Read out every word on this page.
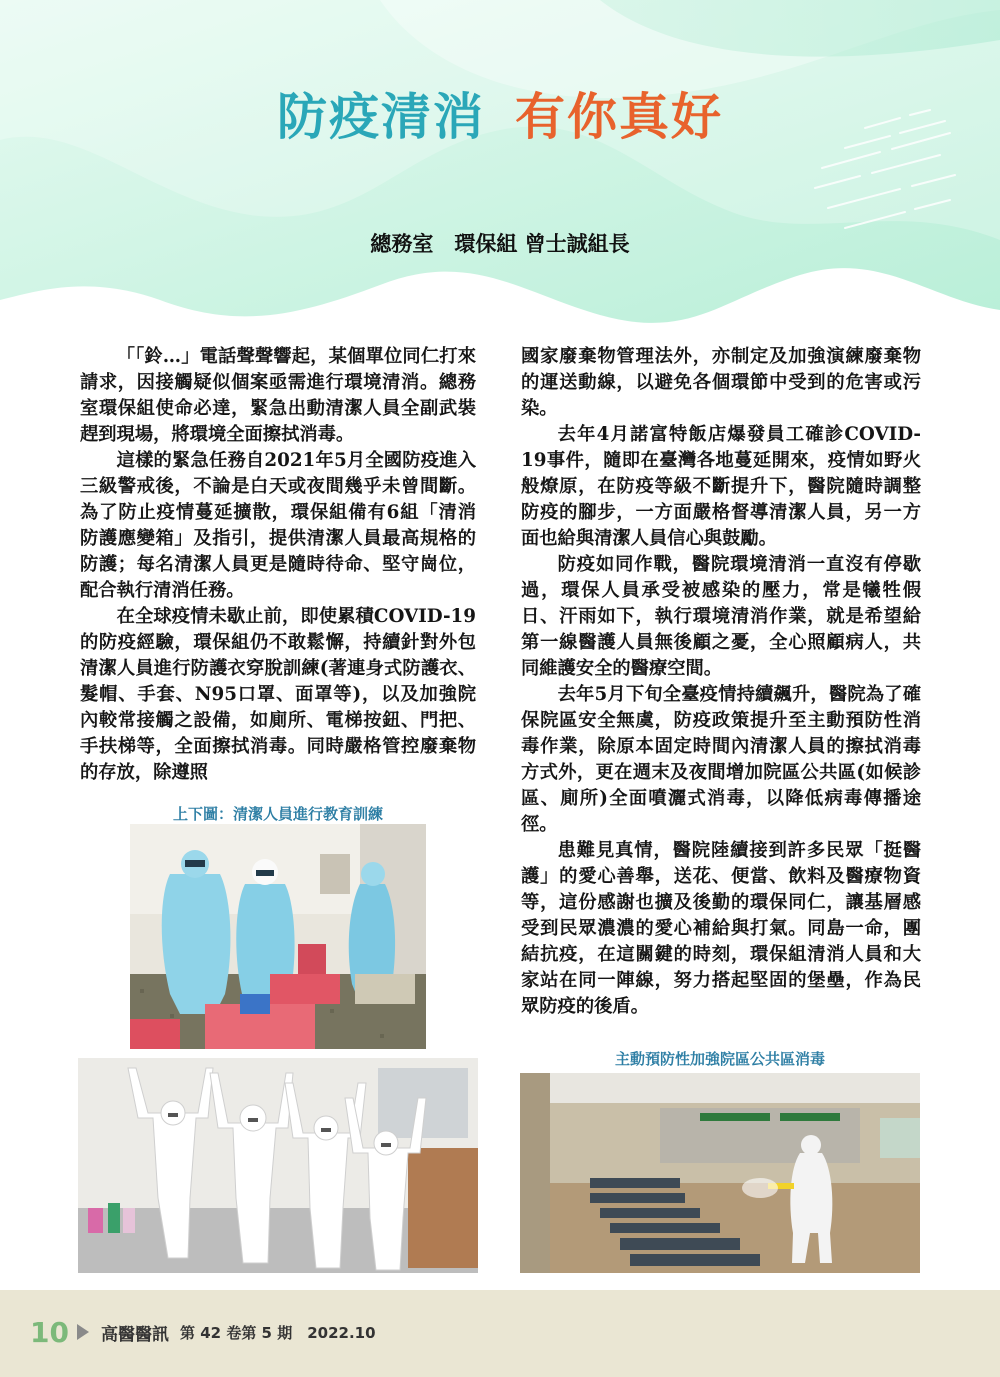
防疫清消 有你真好
總務室　環保組 曾士誠組長

「「鈴…」電話聲聲響起，某個單位同仁打來請求，因接觸疑似個案亟需進行環境清消。總務室環保組使命必達，緊急出動清潔人員全副武裝趕到現場，將環境全面擦拭消毒。

這樣的緊急任務自2021年5月全國防疫進入三級警戒後，不論是白天或夜間幾乎未曾間斷。為了防止疫情蔓延擴散，環保組備有6組「清消防護應變箱」及指引，提供清潔人員最高規格的防護；每名清潔人員更是隨時待命、堅守崗位，配合執行清消任務。

在全球疫情未歇止前，即使累積COVID-19的防疫經驗，環保組仍不敢鬆懈，持續針對外包清潔人員進行防護衣穿脫訓練(著連身式防護衣、髮帽、手套、N95口罩、面罩等)，以及加強院內較常接觸之設備，如廁所、電梯按鈕、門把、手扶梯等，全面擦拭消毒。同時嚴格管控廢棄物的存放，除遵照

國家廢棄物管理法外，亦制定及加強演練廢棄物的運送動線，以避免各個環節中受到的危害或污染。

去年4月諾富特飯店爆發員工確診COVID-19事件，隨即在臺灣各地蔓延開來，疫情如野火般燎原，在防疫等級不斷提升下，醫院隨時調整防疫的腳步，一方面嚴格督導清潔人員，另一方面也給與清潔人員信心與鼓勵。

防疫如同作戰，醫院環境清消一直沒有停歇過，環保人員承受被感染的壓力，常是犧牲假日、汗雨如下，執行環境清消作業，就是希望給第一線醫護人員無後顧之憂，全心照顧病人，共同維護安全的醫療空間。

去年5月下旬全臺疫情持續飆升，醫院為了確保院區安全無虞，防疫政策提升至主動預防性消毒作業，除原本固定時間內清潔人員的擦拭消毒方式外，更在週末及夜間增加院區公共區(如候診區、廁所)全面噴灑式消毒，以降低病毒傳播途徑。

患難見真情，醫院陸續接到許多民眾「挺醫護」的愛心善舉，送花、便當、飲料及醫療物資等，這份感謝也擴及後勤的環保同仁，讓基層感受到民眾濃濃的愛心補給與打氣。同島一命，團結抗疫，在這關鍵的時刻，環保組清消人員和大家站在同一陣線，努力搭起堅固的堡壘，作為民眾防疫的後盾。

上下圖：清潔人員進行教育訓練
主動預防性加強院區公共區消毒
10 高醫醫訊 第 42 卷第 5 期　2022.10
